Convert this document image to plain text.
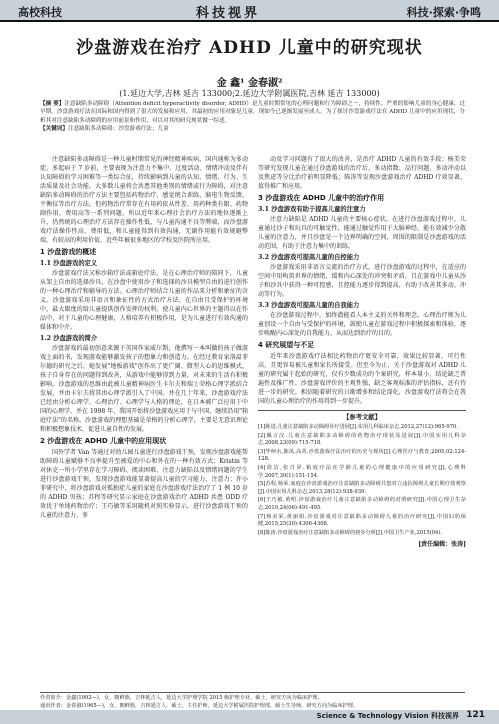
高校科技	科技视界	科技·探索·争鸣
沙盘游戏在治疗 ADHD 儿童中的研究现状
金 鑫¹ 金春淑²
(1.延边大学,吉林 延吉 133000;2.延边大学附属医院,吉林 延吉 133000)
【摘 要】注意缺陷多动障碍（Attention deficit hyperactivity disorder, ADHD）是儿童时期常见的心理问题和行为障碍之一，持续性、严重的影响儿童的身心健康、过早期。沙盘游戏疗法在国际和国内得到了很大的发展和应用，其最初的应用对象是儿童，现如今已逐渐发展至成人。为了探讨沙盘游戏疗法在 ADHD 儿童中的应用现状，分析其对注意缺陷多动障碍的应用前景和作用，对以对其的研究现状做一综述。
【关键词】注意缺陷多动障碍；沙盘游戏疗法；儿童

注意缺陷多动障碍是一种儿童时期常见的神经精神疾病，国内通称为多动症，多起病于 7 岁前，主要表现为注意力不集中、过度活动、情绪冲动及伴有认知障碍的学习困难等一类综合征，持续影响到儿童的认知、情绪、行为、生活质量及社会功能。大多数儿童将会共患其他类别的情绪或行为障碍，对注意缺陷多动障碍的治疗方法主要包括药物治疗、感觉统合训练、脑电生物反馈、平衡仪等治疗方法。但药物治疗常存在有用药依从性差、用药种类有限、药物副作用、费用高等一系列问题。所以近年来心理社会治疗方法的地位逐渐上升，仍然统的心理治疗方法存在操作性低，与儿童沟通不良等弊端，而沙盘游戏疗法操作性高、费用低，和儿童能得到有效沟通，无副作用能有效规避弊端，有较高的利用价值，近些年被很多地区的学校及医院所应用。

1 沙盘游戏的概述
1.1 沙盘游戏的定义

沙盘游戏疗法又称沙箱疗法或箱庭疗法，是在心理治疗师的陪同下，儿童从架上自由的选择沙具，在沙盘中使用沙子和选择的沙具模型自由的进行创作的一种心理治疗和辅导的方法。心理治疗师结合儿童的作品来分析和象征的含义。沙盘游戏采用非语言和象征性的方式治疗方法，在自由且受保护的环境中，最大限度的给儿童提供创作发挥的权利，使儿童内心世界的主题得以在作品中，对于儿童的心理健康，人格培养有积极作用，是为儿童进行有效沟通的媒体和中介。

1.2 沙盘游戏的简介

沙盘游戏的最初创意来源于英国作家威尔斯，他撰写一本叫做的孩子做游戏上面的书，发现游戏能够激发孩子的想象力和创造力。在经过教育家洛温菲尔德的研究之后，她发展"地板游戏"创作出了更广阔、微型人心的思维模式，孩子自身存在的问题得到改善，从游戏中能够得到力量，对未来的生活有积极影响。沙盘游戏的思维由此被儿童精神病医生卡尔夫和瑞士荣格心理学派结合发展，并由卡尔夫将其由心理学派引入了中国。并在几十年来，沙盘游戏疗法已经由分析心理学、心理治疗、心理学与人格的理论，在日本被广泛应用于中国的心理学、并在 1998 年，我国开始将沙盘游戏应用于与中国，继续沿用"箱庭疗法"的名称。沙盘游戏的理想基础是荣格的分析心理学，主要是无意识理论和积极想象技术，促进儿童自性的发展。

2 沙盘游戏在 ADHD 儿童中的应用现状

国外学者 Van 等通过对幼儿园儿童进行沙盘游戏干预，发现沙盘游戏能帮助障碍儿童赋够不良率提升至被爱的中心和外在的一种有效方式；Kristin 等对休克一所小学里存在学习障碍、阅读困难、注意力缺陷以及情绪问题的学生进行沙盘游戏干预，发现沙盘游戏能显著提高儿童的学习能力，注意力；许小菲研究中，将沙盘游戏对孤独症儿童的家庭在沙盘游戏疗法治疗了 1 例 10 岁的 ADHD 男孩；苏程等研究显示家庭在沙盘游戏治疗 ADHD 共患 ODD 疗效优于单纯药物治疗；王巧敏等采用随机对照实验显示，进行沙盘游戏干预的儿童的注意力、多

动及学习问题有了很大的改善，是治疗 ADHD 儿童的有效手段；杨美荣等研究发现儿童在通过沙盘游戏的治疗后，多动指数、品行问题、多动冲动以及焦虑等分比治疗前明显降低；陈涛等发现沙盘游戏治疗 ADHD 疗效显著，值得推广和应用。

3 沙盘游戏在 ADHD 儿童中的治疗作用
3.1 沙盘游戏有助于提高儿童的注意力

注意力缺陷是 ADHD 儿童的主要核心症状，在进行沙盘游戏过程中，儿童通过沙子和玩具的可触觉性，能通过触觉作用于大脑神经，能有效减少分散儿童的注意力，并且沙盘是一个边界明确的空间，周围的限制是沙盘游戏的活动范围，有助于注意力集中的训练。

3.2 沙盘游戏可提高儿童的自控能力

沙盘游戏采用非语言交流的治疗方式，进行沙盘游戏的过程中，在适应的空间中用构筑世界的情绪，缓和内心深处的冲突和矛盾，且在游戏中儿童从沙子和沙具中获得一种可控感，且控能力逐步得到提高，有助于改善其多动、冲动等行为。

3.3 沙盘游戏可提高儿童的自我能力

在沙盘游戏过程中，加终潜能看人本主义的关怀和理念。心理治疗师为儿童创设一个自由与受保护的环境，鼓励儿童在游戏过程中积极探索和体验，逐步唤醒内心深处的自我能力，从而达到治疗的目的。

4 研究展望与不足

近年来沙盘游戏疗法相比药物治疗更安全可靠，效果比较显著，可行性高，且更容易被儿童和家长所接受。但至今为止，关于沙盘游戏对 ADHD 儿童的研究属于起始的研究，仅有少数成功的个案研究，样本量小、结论缺乏普遍性及推广性。沙盘游戏评价的主观性强，缺乏客观标准的评估指标，还有待进一步的研究。相信随着研究的日渐增多和结论深化，沙盘游戏疗法将会在我国的儿童心理治疗的作用得到一步提升。

【参考文献】

[1]陈进.儿童注意缺陷多动障碍诊疗进展[J].实用儿科临床杂志,2012,27(12):965-970.

[2]佩言汉.儿童注意缺陷多动障碍的药物治疗现状及进展[J].中国实用儿科杂志,2008,23(09):715-718.

[3]毕柯水,陈凤,高英.沙盘游戏疗法治疗的历史与现状[J].心理医疗与教育,2005,02:124-128.

[4]徐洁,张日昇.箱庭疗法在学龄儿童的心理健康中的应用研究[J].心理科学,2007,30(1):151-154.

[5]苏程,杨荣.家庭在沙盘游戏治疗注意缺陷多动障碍共患对立违抗障碍儿童长期疗效观察[J].中国实用儿科杂志,2013,28(12):938-939.

[6]王巧敏,黄明.沙盘游戏治疗儿童注意缺陷多动障碍的对照研究[J].中国心理卫生杂志,2010,24(06):491-495.

[7]杨美荣,黄丽娟.沙盘游戏对注意缺陷多动障碍儿童的治疗研究[J].中国妇幼保健,2015,25(30):4306-4308.

[8]陈涛.沙盘游戏治疗注意缺陷多动障碍的初步分析[J].中国卫生产业,2015(04).

[责任编辑：张涛]
作者简介：金鑫(1992—)，女，朝鲜族，吉林延吉人，延边大学护理学院 2015 级护理专业，硕士，研究方向为临床护理。
通讯作者：金春淑(1965—)，女，朝鲜族，吉林延吉人，硕士，主任护师，延边大学附属医院护理部，硕士生导师，研究方向为临床护理。
Science & Technology Vision 科技视界 121
